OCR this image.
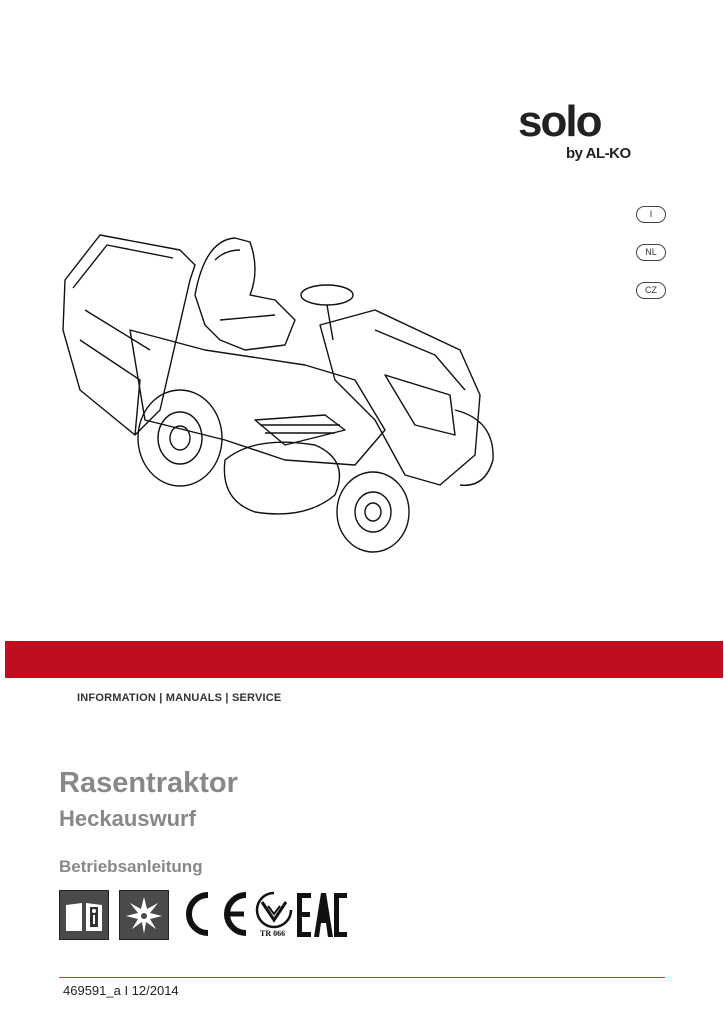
solo
by AL-KO
I
NL
CZ
INFORMATION | MANUALS | SERVICE
Rasentraktor
Heckauswurf
Betriebsanleitung
TR 066
469591_a I 12/2014
